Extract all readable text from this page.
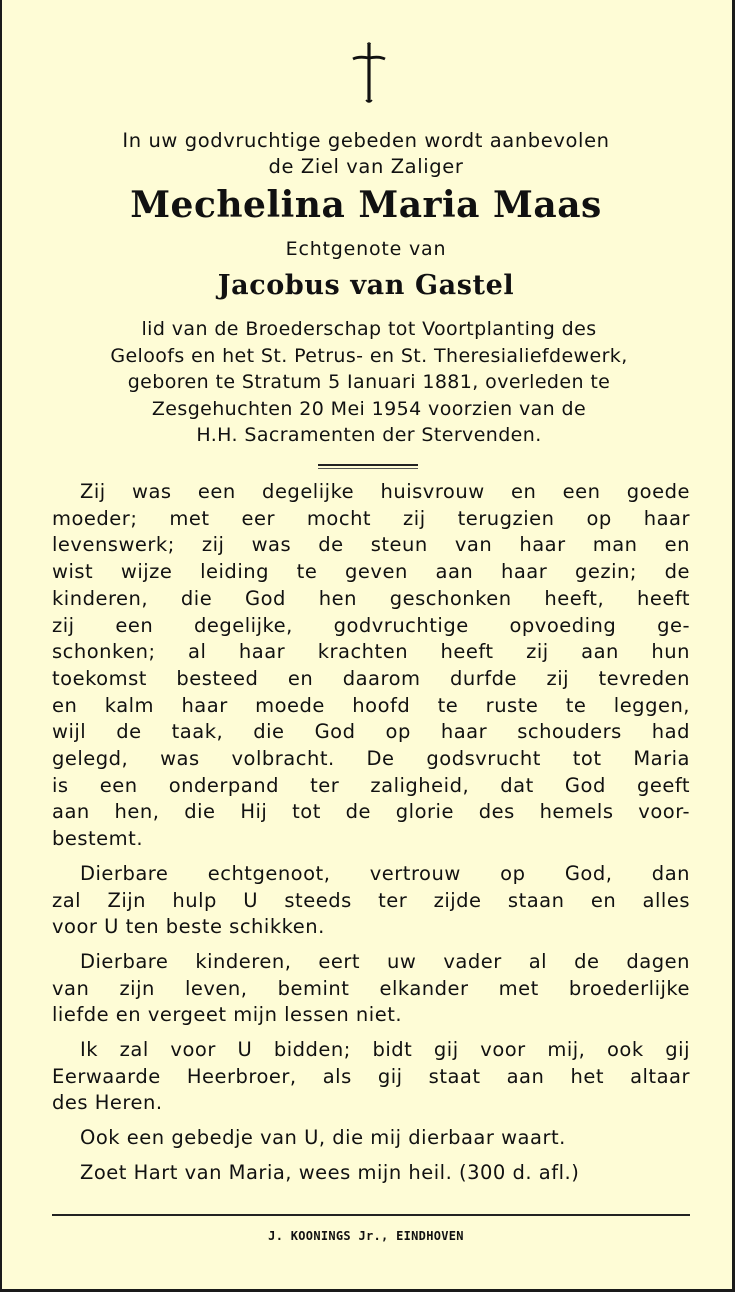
In uw godvruchtige gebeden wordt aanbevolen
de Ziel van Zaliger
Mechelina Maria Maas
Echtgenote van
Jacobus van Gastel
lid van de Broederschap tot Voortplanting des
Geloofs en het St. Petrus- en St. Theresialiefdewerk,
geboren te Stratum 5 Ianuari 1881, overleden te
Zesgehuchten 20 Mei 1954 voorzien van de
H.H. Sacramenten der Stervenden.
Zij was een degelijke huisvrouw en een goede
moeder; met eer mocht zij terugzien op haar
levenswerk; zij was de steun van haar man en
wist wijze leiding te geven aan haar gezin; de
kinderen, die God hen geschonken heeft, heeft
zij een degelijke, godvruchtige opvoeding ge-
schonken; al haar krachten heeft zij aan hun
toekomst besteed en daarom durfde zij tevreden
en kalm haar moede hoofd te ruste te leggen,
wijl de taak, die God op haar schouders had
gelegd, was volbracht. De godsvrucht tot Maria
is een onderpand ter zaligheid, dat God geeft
aan hen, die Hij tot de glorie des hemels voor-
bestemt.
Dierbare echtgenoot, vertrouw op God, dan
zal Zijn hulp U steeds ter zijde staan en alles
voor U ten beste schikken.
Dierbare kinderen, eert uw vader al de dagen
van zijn leven, bemint elkander met broederlijke
liefde en vergeet mijn lessen niet.
Ik zal voor U bidden; bidt gij voor mij, ook gij
Eerwaarde Heerbroer, als gij staat aan het altaar
des Heren.
Ook een gebedje van U, die mij dierbaar waart.
Zoet Hart van Maria, wees mijn heil. (300 d. afl.)
J. KOONINGS Jr., EINDHOVEN
